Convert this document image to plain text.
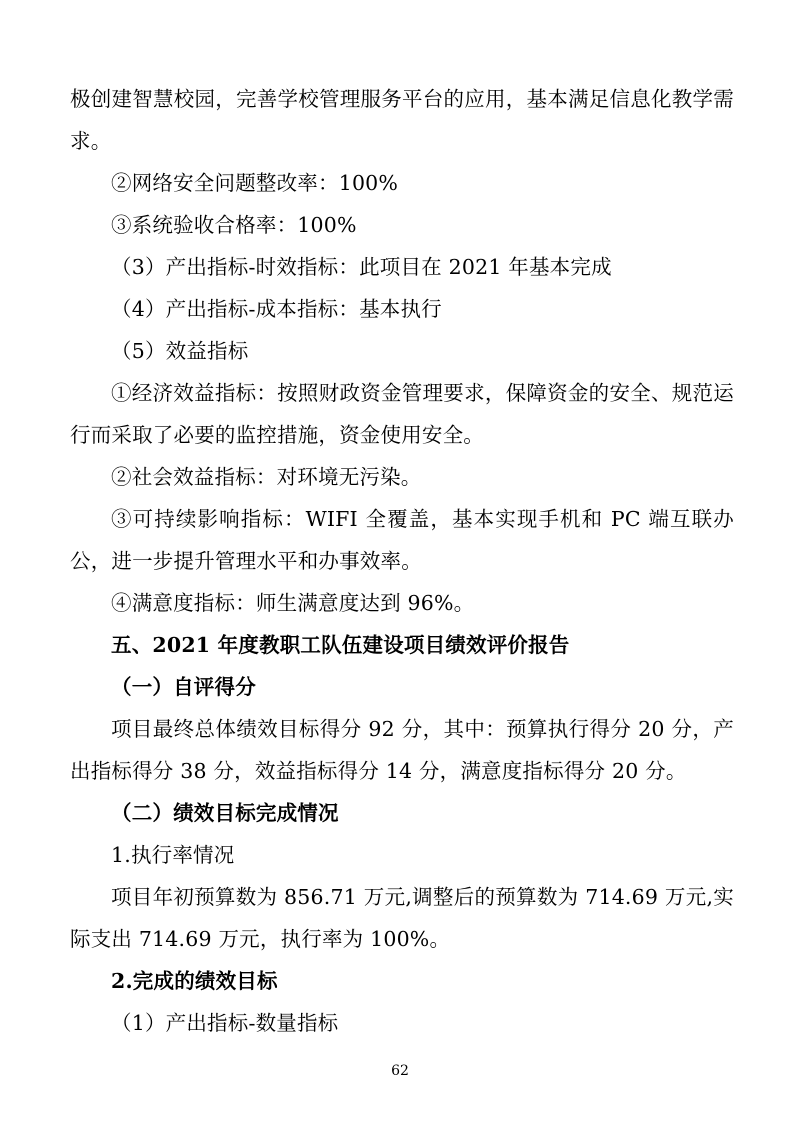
极创建智慧校园，完善学校管理服务平台的应用，基本满足信息化教学需求。

②网络安全问题整改率：100%

③系统验收合格率：100%

（3）产出指标-时效指标：此项目在 2021 年基本完成

（4）产出指标-成本指标：基本执行

（5）效益指标

①经济效益指标：按照财政资金管理要求，保障资金的安全、规范运行而采取了必要的监控措施，资金使用安全。

②社会效益指标：对环境无污染。

③可持续影响指标：WIFI 全覆盖，基本实现手机和 PC 端互联办公，进一步提升管理水平和办事效率。

④满意度指标：师生满意度达到 96%。

五、2021 年度教职工队伍建设项目绩效评价报告

（一）自评得分

项目最终总体绩效目标得分 92 分，其中：预算执行得分 20 分，产出指标得分 38 分，效益指标得分 14 分，满意度指标得分 20 分。

（二）绩效目标完成情况

1.执行率情况

项目年初预算数为 856.71 万元,调整后的预算数为 714.69 万元,实际支出 714.69 万元，执行率为 100%。

2.完成的绩效目标

（1）产出指标-数量指标

62
